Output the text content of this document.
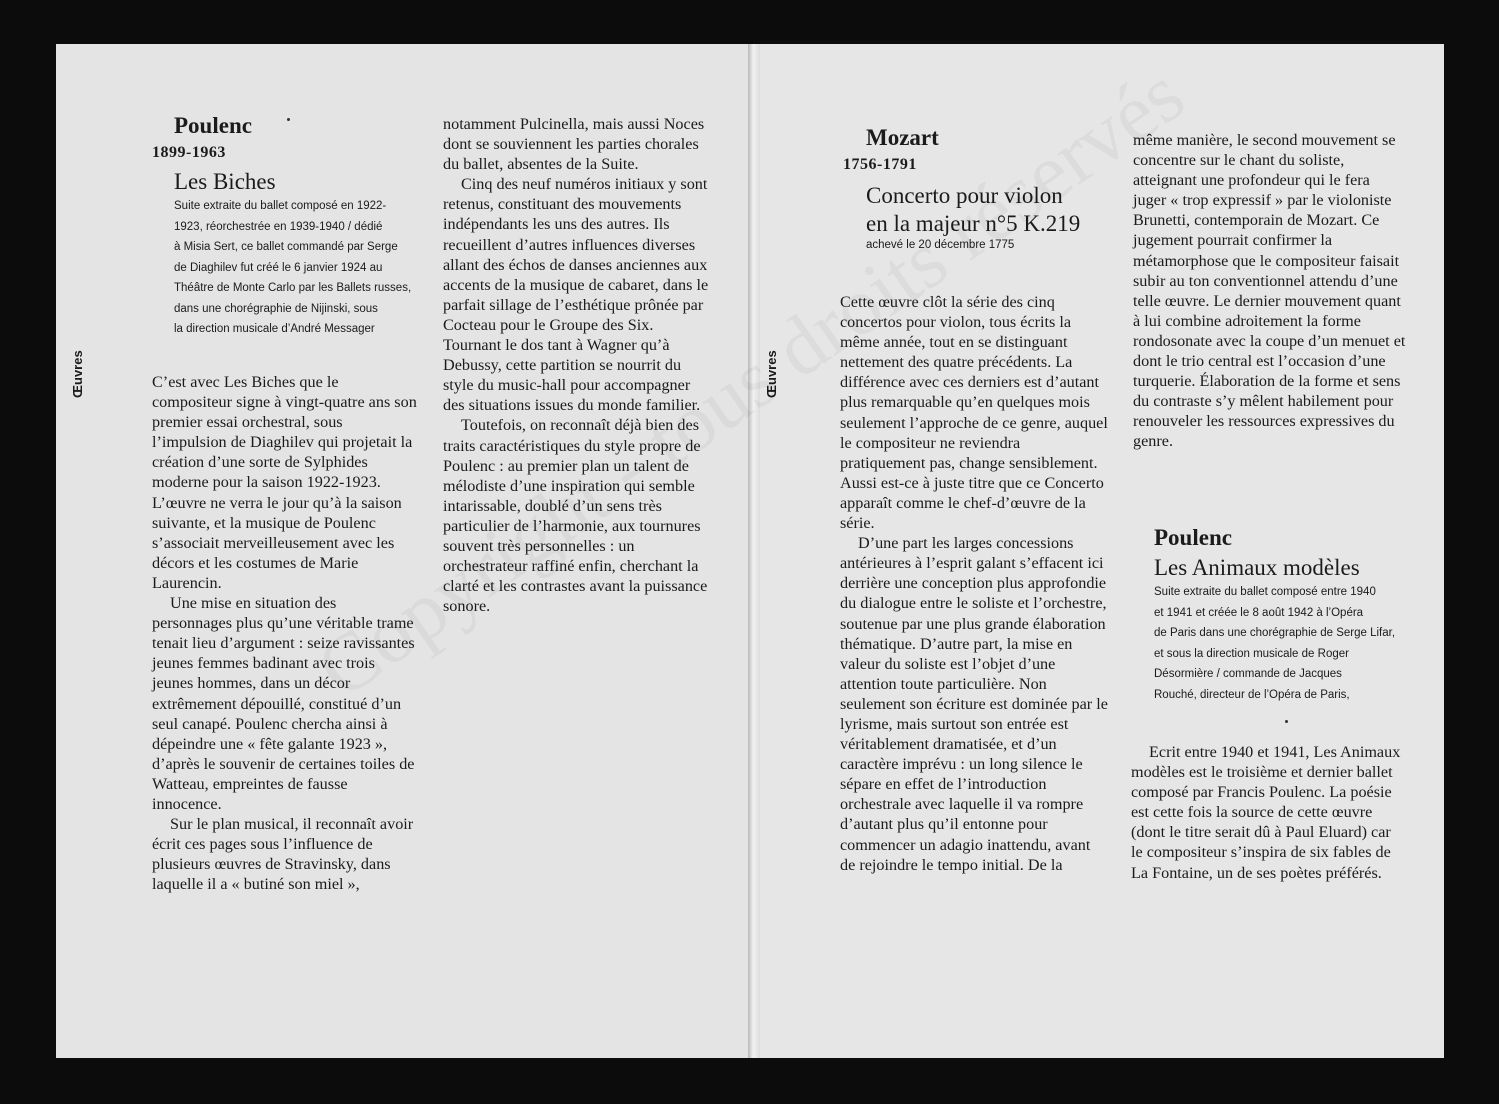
Œuvres
Poulenc
1899-1963
Les Biches
Suite extraite du ballet composé en 1922-
1923, réorchestrée en 1939-1940 / dédié
à Misia Sert, ce ballet commandé par Serge
de Diaghilev fut créé le 6 janvier 1924 au
Théâtre de Monte Carlo par les Ballets russes,
dans une chorégraphie de Nijinski, sous
la direction musicale d’André Messager

C’est avec Les Biches que le compositeur signe à vingt-quatre ans son premier essai orchestral, sous l’impulsion de Diaghilev qui projetait la création d’une sorte de Sylphides moderne pour la saison 1922-1923. L’œuvre ne verra le jour qu’à la saison suivante, et la musique de Poulenc s’associait merveilleusement avec les décors et les costumes de Marie Laurencin.

Une mise en situation des personnages plus qu’une véritable trame tenait lieu d’argument : seize ravissantes jeunes femmes badinant avec trois jeunes hommes, dans un décor extrêmement dépouillé, constitué d’un seul canapé. Poulenc chercha ainsi à dépeindre une « fête galante 1923 », d’après le souvenir de certaines toiles de Watteau, empreintes de fausse innocence.

Sur le plan musical, il reconnaît avoir écrit ces pages sous l’influence de plusieurs œuvres de Stravinsky, dans laquelle il a « butiné son miel »,

notamment Pulcinella, mais aussi Noces dont se souviennent les parties chorales du ballet, absentes de la Suite.

Cinq des neuf numéros initiaux y sont retenus, constituant des mouvements indépendants les uns des autres. Ils recueillent d’autres influences diverses allant des échos de danses anciennes aux accents de la musique de cabaret, dans le parfait sillage de l’esthétique prônée par Cocteau pour le Groupe des Six. Tournant le dos tant à Wagner qu’à Debussy, cette partition se nourrit du style du music-hall pour accompagner des situations issues du monde familier.

Toutefois, on reconnaît déjà bien des traits caractéristiques du style propre de Poulenc : au premier plan un talent de mélodiste d’une inspiration qui semble intarissable, doublé d’un sens très particulier de l’harmonie, aux tournures souvent très personnelles : un orchestrateur raffiné enfin, cherchant la clarté et les contrastes avant la puissance sonore.

Œuvres
Mozart
1756-1791
Concerto pour violon
en la majeur n°5 K.219
achevé le 20 décembre 1775

Cette œuvre clôt la série des cinq concertos pour violon, tous écrits la même année, tout en se distinguant nettement des quatre précédents. La différence avec ces derniers est d’autant plus remarquable qu’en quelques mois seulement l’approche de ce genre, auquel le compositeur ne reviendra pratiquement pas, change sensiblement. Aussi est-ce à juste titre que ce Concerto apparaît comme le chef-d’œuvre de la série.

D’une part les larges concessions antérieures à l’esprit galant s’effacent ici derrière une conception plus approfondie du dialogue entre le soliste et l’orchestre, soutenue par une plus grande élaboration thématique. D’autre part, la mise en valeur du soliste est l’objet d’une attention toute particulière. Non seulement son écriture est dominée par le lyrisme, mais surtout son entrée est véritablement dramatisée, et d’un caractère imprévu : un long silence le sépare en effet de l’introduction orchestrale avec laquelle il va rompre d’autant plus qu’il entonne pour commencer un adagio inattendu, avant de rejoindre le tempo initial. De la

même manière, le second mouvement se concentre sur le chant du soliste, atteignant une profondeur qui le fera juger « trop expressif » par le violoniste Brunetti, contemporain de Mozart. Ce jugement pourrait confirmer la métamorphose que le compositeur faisait subir au ton conventionnel attendu d’une telle œuvre. Le dernier mouvement quant à lui combine adroitement la forme rondosonate avec la coupe d’un menuet et dont le trio central est l’occasion d’une turquerie. Élaboration de la forme et sens du contraste s’y mêlent habilement pour renouveler les ressources expressives du genre.

Poulenc
Les Animaux modèles
Suite extraite du ballet composé entre 1940
et 1941 et créée le 8 août 1942 à l’Opéra
de Paris dans une chorégraphie de Serge Lifar,
et sous la direction musicale de Roger
Désormière / commande de Jacques
Rouché, directeur de l’Opéra de Paris,

Ecrit entre 1940 et 1941, Les Animaux modèles est le troisième et dernier ballet composé par Francis Poulenc. La poésie est cette fois la source de cette œuvre (dont le titre serait dû à Paul Eluard) car le compositeur s’inspira de six fables de La Fontaine, un de ses poètes préférés.
